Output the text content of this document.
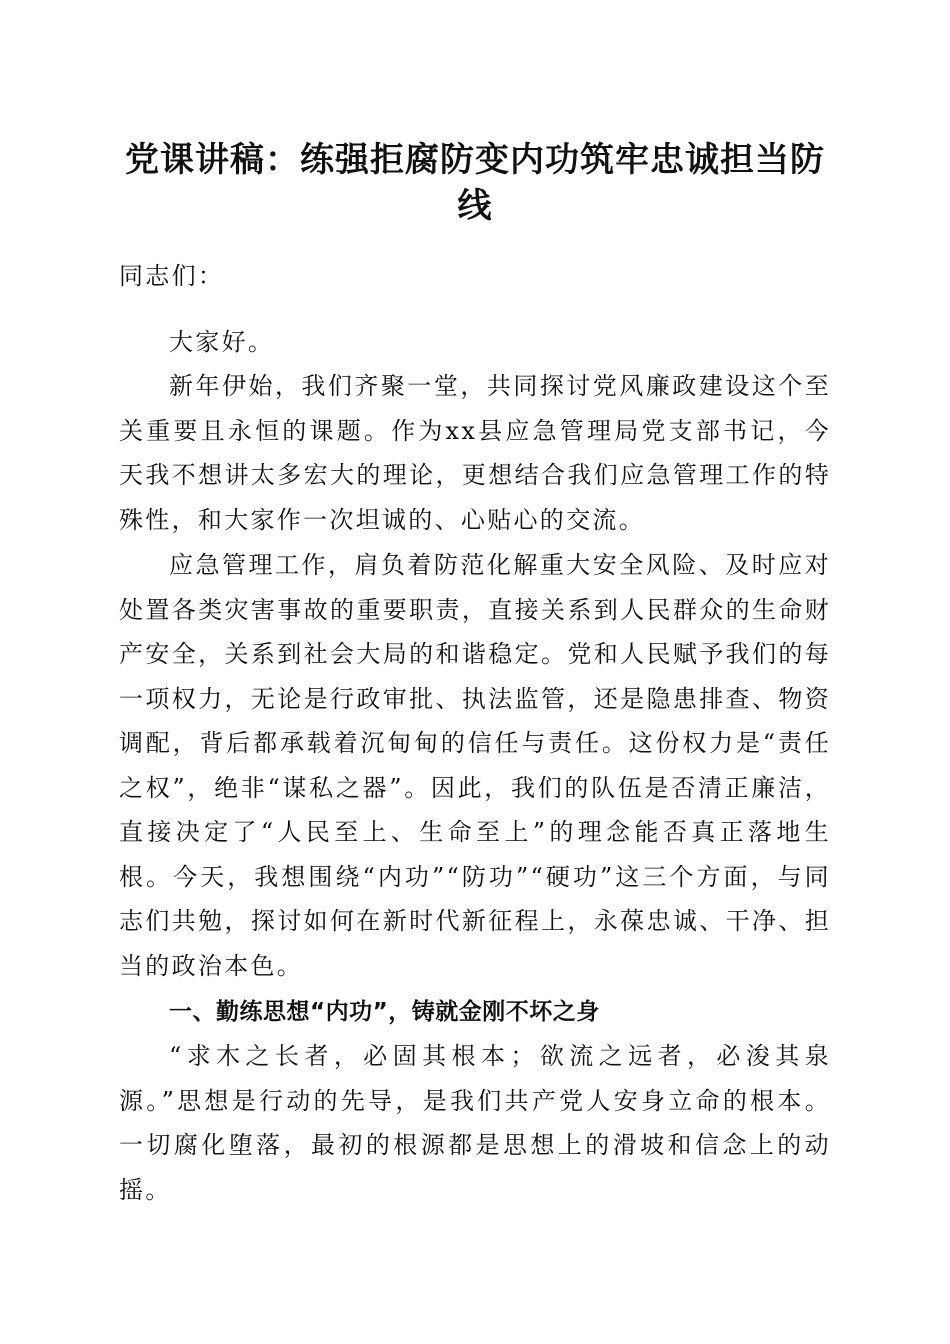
党课讲稿：练强拒腐防变内功筑牢忠诚担当防线

同志们：

大家好。

新年伊始，我们齐聚一堂，共同探讨党风廉政建设这个至关重要且永恒的课题。作为xx县应急管理局党支部书记，今天我不想讲太多宏大的理论，更想结合我们应急管理工作的特殊性，和大家作一次坦诚的、心贴心的交流。

应急管理工作，肩负着防范化解重大安全风险、及时应对处置各类灾害事故的重要职责，直接关系到人民群众的生命财产安全，关系到社会大局的和谐稳定。党和人民赋予我们的每一项权力，无论是行政审批、执法监管，还是隐患排查、物资调配，背后都承载着沉甸甸的信任与责任。这份权力是“责任之权”，绝非“谋私之器”。因此，我们的队伍是否清正廉洁，直接决定了“人民至上、生命至上”的理念能否真正落地生根。今天，我想围绕“内功”“防功”“硬功”这三个方面，与同志们共勉，探讨如何在新时代新征程上，永葆忠诚、干净、担当的政治本色。

一、勤练思想“内功”，铸就金刚不坏之身

“求木之长者，必固其根本；欲流之远者，必浚其泉源。”思想是行动的先导，是我们共产党人安身立命的根本。一切腐化堕落，最初的根源都是思想上的滑坡和信念上的动摇。
